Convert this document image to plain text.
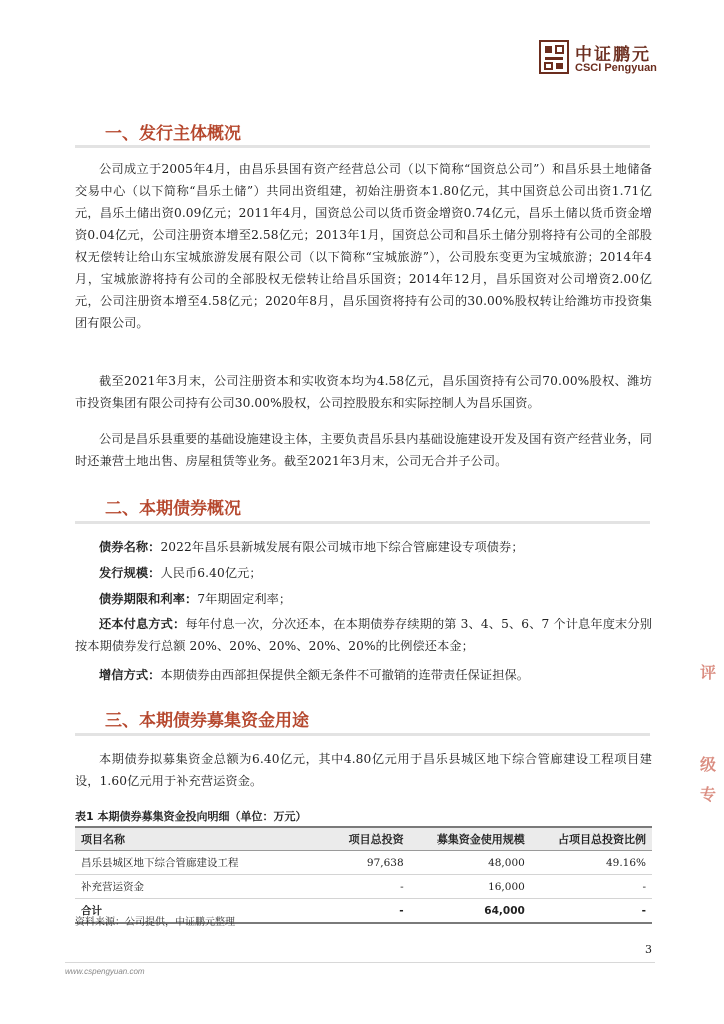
中证鹏元
CSCI Pengyuan
一、发行主体概况
公司成立于2005年4月，由昌乐县国有资产经营总公司（以下简称“国资总公司”）和昌乐县土地储备交易中心（以下简称“昌乐土储”）共同出资组建，初始注册资本1.80亿元，其中国资总公司出资1.71亿元，昌乐土储出资0.09亿元；2011年4月，国资总公司以货币资金增资0.74亿元，昌乐土储以货币资金增资0.04亿元，公司注册资本增至2.58亿元；2013年1月，国资总公司和昌乐土储分别将持有公司的全部股权无偿转让给山东宝城旅游发展有限公司（以下简称“宝城旅游”），公司股东变更为宝城旅游；2014年4月，宝城旅游将持有公司的全部股权无偿转让给昌乐国资；2014年12月，昌乐国资对公司增资2.00亿元，公司注册资本增至4.58亿元；2020年8月，昌乐国资将持有公司的30.00%股权转让给潍坊市投资集团有限公司。
截至2021年3月末，公司注册资本和实收资本均为4.58亿元，昌乐国资持有公司70.00%股权、潍坊市投资集团有限公司持有公司30.00%股权，公司控股股东和实际控制人为昌乐国资。
公司是昌乐县重要的基础设施建设主体，主要负责昌乐县内基础设施建设开发及国有资产经营业务，同时还兼营土地出售、房屋租赁等业务。截至2021年3月末，公司无合并子公司。
二、本期债券概况
债券名称：2022年昌乐县新城发展有限公司城市地下综合管廊建设专项债券；
发行规模：人民币6.40亿元；
债券期限和利率：7年期固定利率；
还本付息方式：每年付息一次，分次还本，在本期债券存续期的第 3、4、5、6、7 个计息年度末分别按本期债券发行总额 20%、20%、20%、20%、20%的比例偿还本金；
增信方式：本期债券由西部担保提供全额无条件不可撤销的连带责任保证担保。
三、本期债券募集资金用途
本期债券拟募集资金总额为6.40亿元，其中4.80亿元用于昌乐县城区地下综合管廊建设工程项目建设，1.60亿元用于补充营运资金。
表1 本期债券募集资金投向明细（单位：万元）
项目名称	项目总投资	募集资金使用规模	占项目总投资比例
昌乐县城区地下综合管廊建设工程	97,638	48,000	49.16%
补充营运资金	-	16,000	-
合计	-	64,000	-
资料来源：公司提供，中证鹏元整理
评
级
专
3
www.cspengyuan.com
